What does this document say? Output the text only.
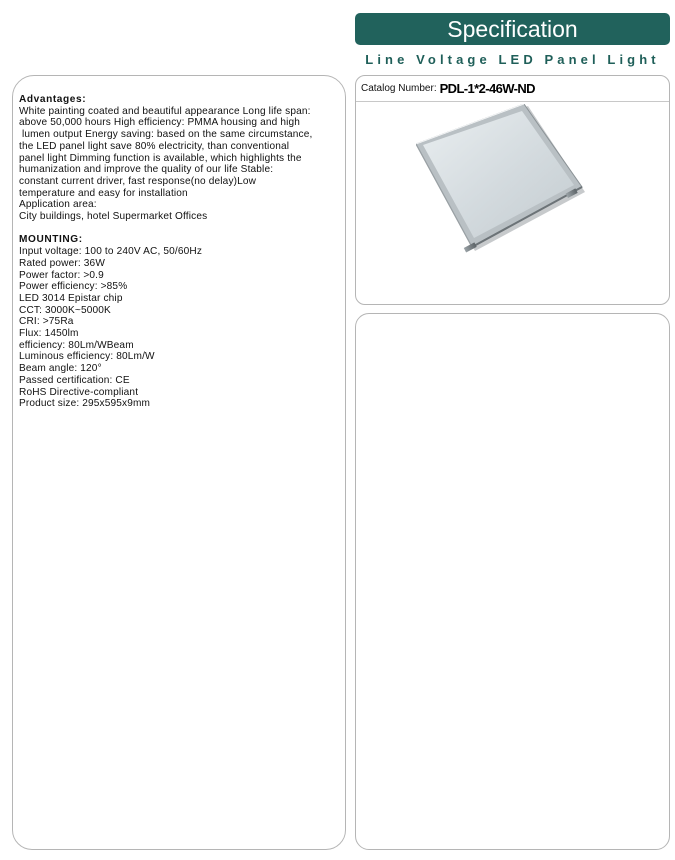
Specification
Line Voltage LED Panel Light
Advantages:
White painting coated and beautiful appearance Long life span:
above 50,000 hours High efficiency: PMMA housing and high
lumen output Energy saving: based on the same circumstance,
the LED panel light save 80% electricity, than conventional
panel light Dimming function is available, which highlights the
humanization and improve the quality of our life Stable:
constant current driver, fast response(no delay)Low
temperature and easy for installation
Application area:
City buildings, hotel Supermarket Offices
MOUNTING:
Input voltage: 100 to 240V AC, 50/60Hz
Rated power: 36W
Power factor: >0.9
Power efficiency: >85%
LED 3014 Epistar chip
CCT: 3000K~5000K
CRI: >75Ra
Flux: 1450lm
efficiency: 80Lm/WBeam
Luminous efficiency: 80Lm/W
Beam angle: 120°
Passed certification: CE
RoHS Directive-compliant
Product size: 295x595x9mm
Catalog Number: PDL-1*2-46W-ND
